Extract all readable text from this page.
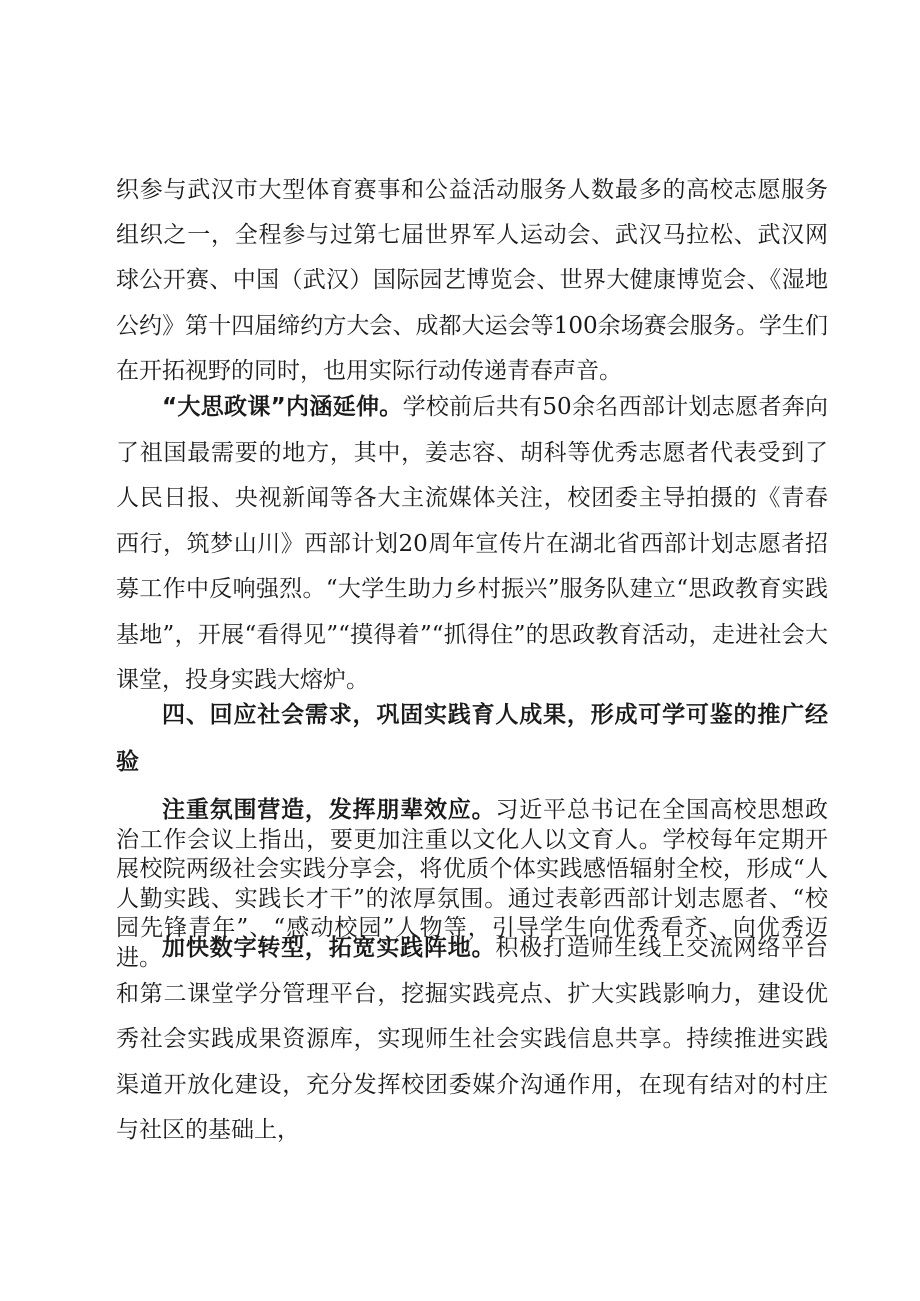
织参与武汉市大型体育赛事和公益活动服务人数最多的高校志愿服务组织之一，全程参与过第七届世界军人运动会、武汉马拉松、武汉网球公开赛、中国（武汉）国际园艺博览会、世界大健康博览会、《湿地公约》第十四届缔约方大会、成都大运会等100余场赛会服务。学生们在开拓视野的同时，也用实际行动传递青春声音。

“大思政课”内涵延伸。学校前后共有50余名西部计划志愿者奔向了祖国最需要的地方，其中，姜志容、胡科等优秀志愿者代表受到了人民日报、央视新闻等各大主流媒体关注，校团委主导拍摄的《青春西行，筑梦山川》西部计划20周年宣传片在湖北省西部计划志愿者招募工作中反响强烈。“大学生助力乡村振兴”服务队建立“思政教育实践基地”，开展“看得见”“摸得着”“抓得住”的思政教育活动，走进社会大课堂，投身实践大熔炉。

四、回应社会需求，巩固实践育人成果，形成可学可鉴的推广经验

注重氛围营造，发挥朋辈效应。习近平总书记在全国高校思想政治工作会议上指出，要更加注重以文化人以文育人。学校每年定期开展校院两级社会实践分享会，将优质个体实践感悟辐射全校，形成“人人勤实践、实践长才干”的浓厚氛围。通过表彰西部计划志愿者、“校园先锋青年”、“感动校园”人物等，引导学生向优秀看齐、向优秀迈进。 加快数字转型，拓宽实践阵地。积极打造师生线上交流网络平台和第二课堂学分管理平台，挖掘实践亮点、扩大实践影响力，建设优秀社会实践成果资源库，实现师生社会实践信息共享。持续推进实践渠道开放化建设，充分发挥校团委媒介沟通作用，在现有结对的村庄与社区的基础上，
